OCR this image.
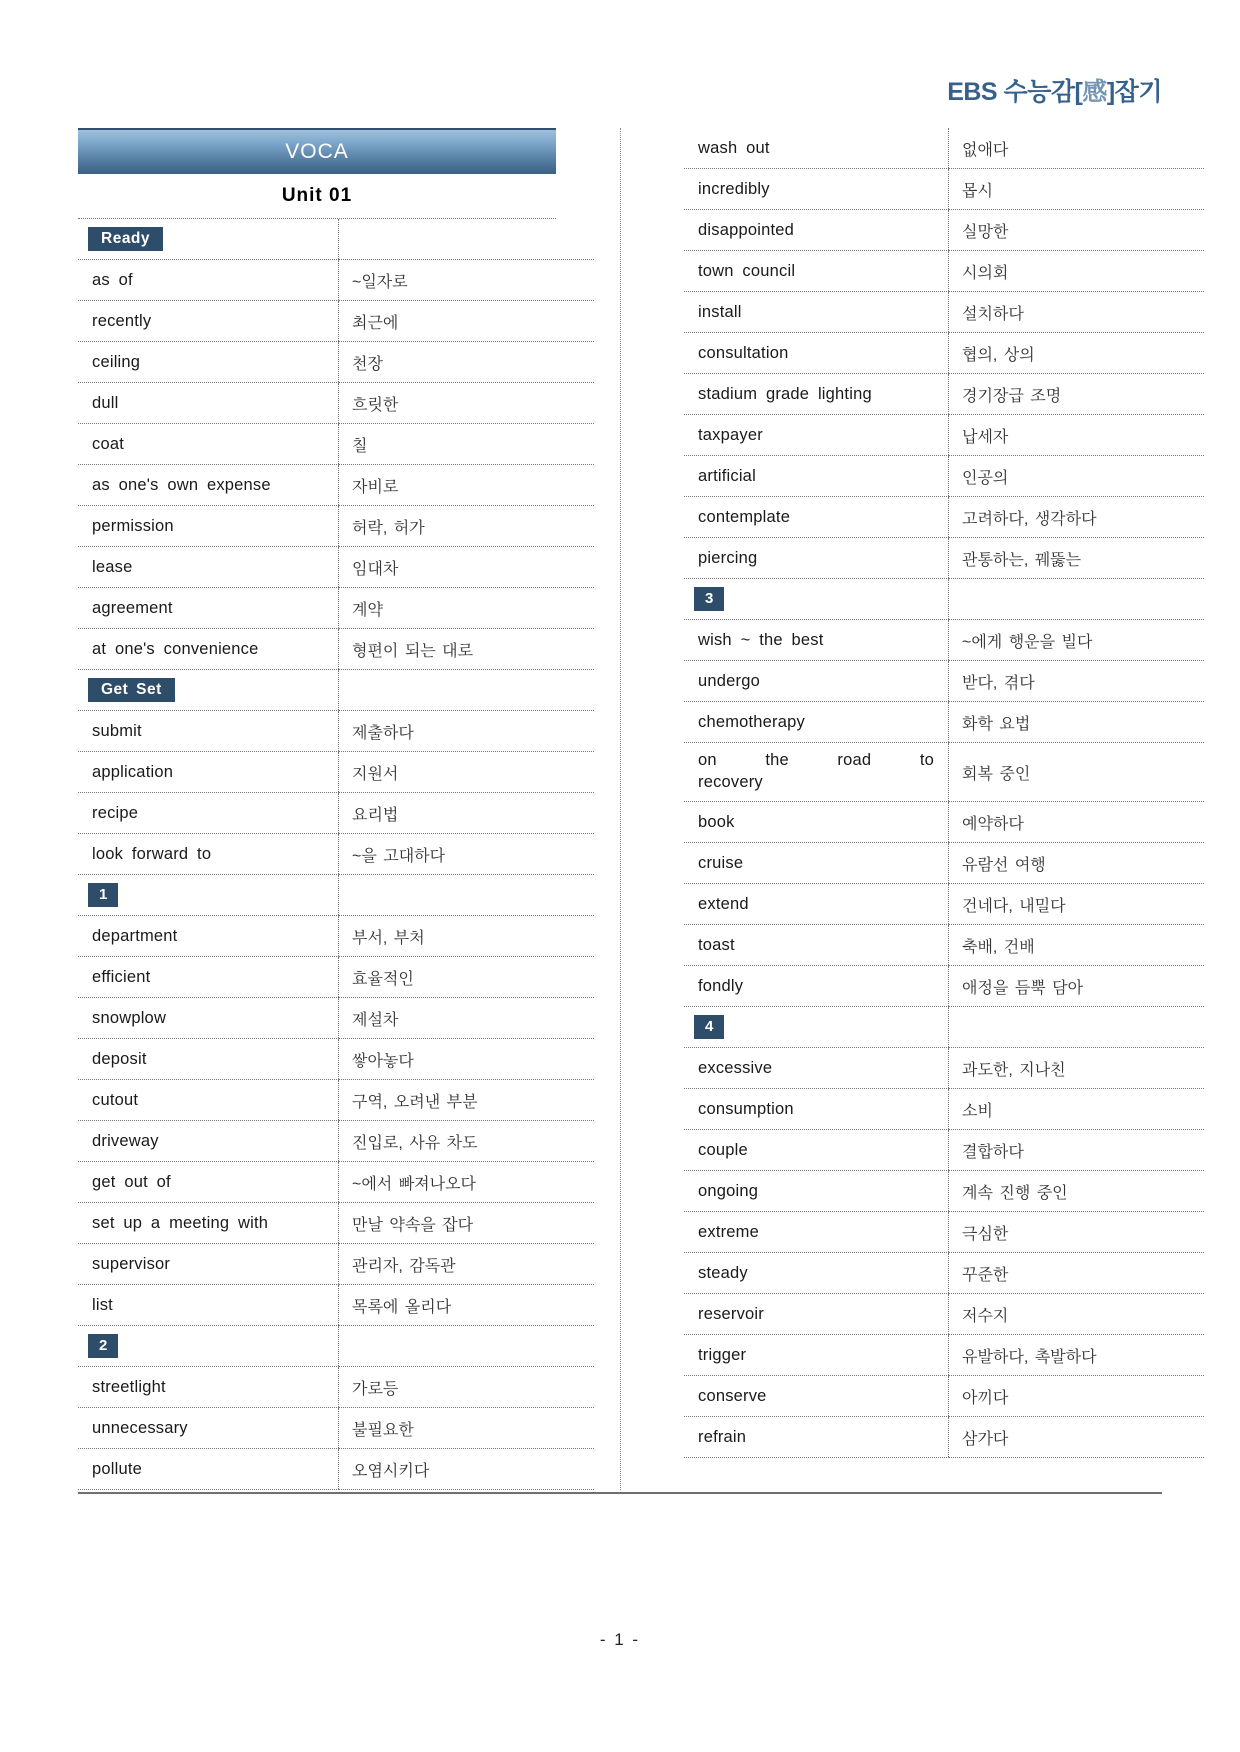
EBS 수능감[感]잡기
VOCA
Unit 01
Ready	
as of	~일자로
recently	최근에
ceiling	천장
dull	흐릿한
coat	칠
as one's own expense	자비로
permission	허락, 허가
lease	임대차
agreement	계약
at one's convenience	형편이 되는 대로
Get Set	
submit	제출하다
application	지원서
recipe	요리법
look forward to	~을 고대하다
1	
department	부서, 부처
efficient	효율적인
snowplow	제설차
deposit	쌓아놓다
cutout	구역, 오려낸 부분
driveway	진입로, 사유 차도
get out of	~에서 빠져나오다
set up a meeting with	만날 약속을 잡다
supervisor	관리자, 감독관
list	목록에 올리다
2	
streetlight	가로등
unnecessary	불필요한
pollute	오염시키다
wash out	없애다
incredibly	몹시
disappointed	실망한
town council	시의회
install	설치하다
consultation	협의, 상의
stadium grade lighting	경기장급 조명
taxpayer	납세자
artificial	인공의
contemplate	고려하다, 생각하다
piercing	관통하는, 꿰뚫는
3	
wish ~ the best	~에게 행운을 빌다
undergo	받다, 겪다
chemotherapy	화학 요법

on the road to
recovery	회복 중인
book	예약하다
cruise	유람선 여행
extend	건네다, 내밀다
toast	축배, 건배
fondly	애정을 듬뿍 담아
4	
excessive	과도한, 지나친
consumption	소비
couple	결합하다
ongoing	계속 진행 중인
extreme	극심한
steady	꾸준한
reservoir	저수지
trigger	유발하다, 촉발하다
conserve	아끼다
refrain	삼가다
- 1 -
